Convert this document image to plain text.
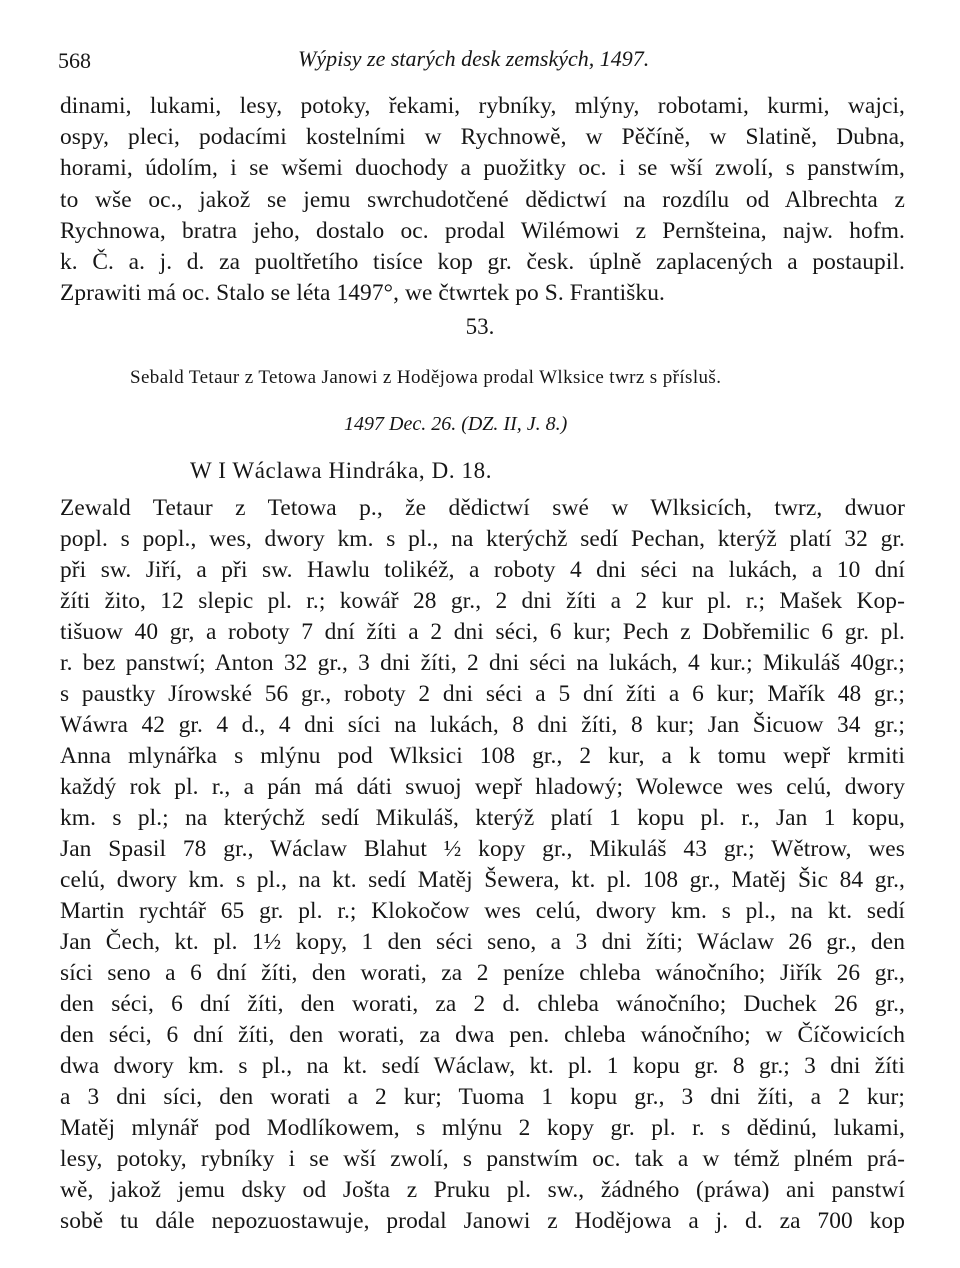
568	Wýpisy ze starých desk zemských, 1497.
dinami, lukami, lesy, potoky, řekami, rybníky, mlýny, robotami, kurmi, wajci,
ospy, pleci, podacími kostelními w Rychnowě, w Pěčíně, w Slatině, Dubna,
horami, údolím, i se wšemi duochody a puožitky oc. i se wší zwolí, s panstwím,
to wše oc., jakož se jemu swrchudotčené dědictwí na rozdílu od Albrechta z
Rychnowa, bratra jeho, dostalo oc. prodal Wilémowi z Pernšteina, najw. hofm.
k. Č. a. j. d. za puoltřetího tisíce kop gr. česk. úplně zaplacených a postaupil.
Zprawiti má oc. Stalo se léta 1497°, we čtwrtek po S. Františku.
53.
Sebald Tetaur z Tetowa Janowi z Hodějowa prodal Wlksice twrz s přísluš.
1497 Dec. 26. (DZ. II, J. 8.)
W I Wáclawa Hindráka, D. 18.
Zewald Tetaur z Tetowa p., že dědictwí swé w Wlksicích, twrz, dwuor
popl. s popl., wes, dwory km. s pl., na kterýchž sedí Pechan, kterýž platí 32 gr.
při sw. Jiří, a při sw. Hawlu tolikéž, a roboty 4 dni séci na lukách, a 10 dní
žíti žito, 12 slepic pl. r.; kowář 28 gr., 2 dni žíti a 2 kur pl. r.; Mašek Kop-
tišuow 40 gr, a roboty 7 dní žíti a 2 dni séci, 6 kur; Pech z Dobřemilic 6 gr. pl.
r. bez panstwí; Anton 32 gr., 3 dni žíti, 2 dni séci na lukách, 4 kur.; Mikuláš 40gr.;
s paustky Jírowské 56 gr., roboty 2 dni séci a 5 dní žíti a 6 kur; Mařík 48 gr.;
Wáwra 42 gr. 4 d., 4 dni síci na lukách, 8 dni žíti, 8 kur; Jan Šicuow 34 gr.;
Anna mlynářka s mlýnu pod Wlksici 108 gr., 2 kur, a k tomu wepř krmiti
každý rok pl. r., a pán má dáti swuoj wepř hladowý; Wolewce wes celú, dwory
km. s pl.; na kterýchž sedí Mikuláš, kterýž platí 1 kopu pl. r., Jan 1 kopu,
Jan Spasil 78 gr., Wáclaw Blahut ½ kopy gr., Mikuláš 43 gr.; Wětrow, wes
celú, dwory km. s pl., na kt. sedí Matěj Šewera, kt. pl. 108 gr., Matěj Šic 84 gr.,
Martin rychtář 65 gr. pl. r.; Klokočow wes celú, dwory km. s pl., na kt. sedí
Jan Čech, kt. pl. 1½ kopy, 1 den séci seno, a 3 dni žíti; Wáclaw 26 gr., den
síci seno a 6 dní žíti, den worati, za 2 peníze chleba wánočního; Jiřík 26 gr.,
den séci, 6 dní žíti, den worati, za 2 d. chleba wánočního; Duchek 26 gr.,
den séci, 6 dní žíti, den worati, za dwa pen. chleba wánočního; w Číčowicích
dwa dwory km. s pl., na kt. sedí Wáclaw, kt. pl. 1 kopu gr. 8 gr.; 3 dni žíti
a 3 dni síci, den worati a 2 kur; Tuoma 1 kopu gr., 3 dni žíti, a 2 kur;
Matěj mlynář pod Modlíkowem, s mlýnu 2 kopy gr. pl. r. s dědinú, lukami,
lesy, potoky, rybníky i se wší zwolí, s panstwím oc. tak a w témž plném prá-
wě, jakož jemu dsky od Jošta z Pruku pl. sw., žádného (práwa) ani panstwí
sobě tu dále nepozuostawuje, prodal Janowi z Hodějowa a j. d. za 700 kop
